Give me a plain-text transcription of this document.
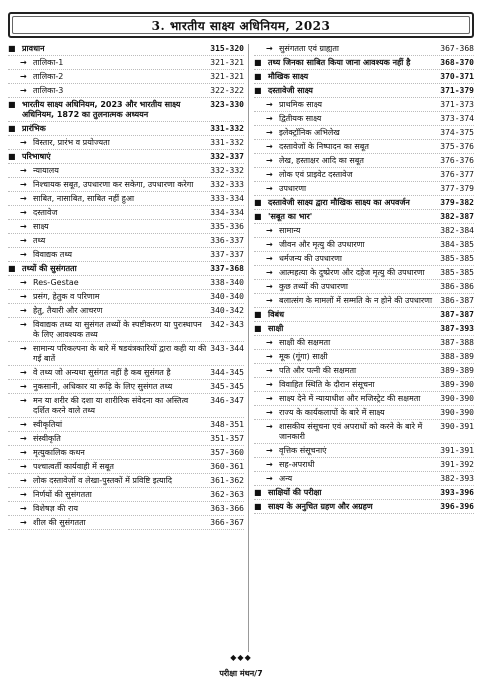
3. भारतीय साक्ष्य अधिनियम, 2023
■ प्रावधान	315-320
→ तालिका-1	321-321
→ तालिका-2	321-321
→ तालिका-3	322-322
■ भारतीय साक्ष्य अधिनियम, 2023 और भारतीय साक्ष्य अधिनियम, 1872 का तुलनात्मक अध्ययन
323-330
■ प्रारंभिक	331-332
→ विस्तार, प्रारंभ व प्रयोज्यता	331-332
■ परिभाषाएं	332-337
→ न्यायालय	332-332
→ निश्चायक सबूत, उपधारणा कर सकेगा, उपधारणा करेगा	332-333
→ साबित, नासाबित, साबित नहीं हुआ	333-334
→ दस्तावेज	334-334
→ साक्ष्य	335-336
→ तथ्य	336-337
→ विवाद्यक तथ्य	337-337
■ तथ्यों की सुसंगतता	337-368
→ Res-Gestae	338-340
→ प्रसंग, हेतुक व परिणाम	340-340
→ हेतु, तैयारी और आचरण	340-342
→ विवाद्यक तथ्य या सुसंगत तथ्यों के स्पष्टीकरण या पुरःस्थापन के लिए आवश्यक तथ्य
342-343
→ सामान्य परिकल्पना के बारे में षडयंत्रकारियों द्वारा कही या की गई बातें
343-344
→ वे तथ्य जो अन्यथा सुसंगत नहीं है कब सुसंगत है	344-345
→ नुकसानी, अधिकार या रूढ़ि के लिए सुसंगत तथ्य	345-345
→ मन या शरीर की दशा या शारीरिक संवेदना का अस्तित्व दर्शित करने वाले तथ्य
346-347
→ स्वीकृतियां	348-351
→ संस्वीकृति	351-357
→ मृत्युकालिक कथन	357-360
→ पश्चात्वर्ती कार्यवाही में सबूत	360-361
→ लोक दस्तावेजों व लेखा-पुस्तकों में प्रविष्टि इत्यादि	361-362
→ निर्णयों की सुसंगतता	362-363
→ विशेषज्ञ की राय	363-366
→ शील की सुसंगतता	366-367
→ सुसंगतता एवं ग्राह्यता	367-368
■ तथ्य जिनका साबित किया जाना आवश्यक नहीं है	368-370
■ मौखिक साक्ष्य	370-371
■ दस्तावेजी साक्ष्य	371-379
→ प्राथमिक साक्ष्य	371-373
→ द्वितीयक साक्ष्य	373-374
→ इलेक्ट्रॉनिक अभिलेख	374-375
→ दस्तावेजों के निष्पादन का सबूत	375-376
→ लेख, हस्ताक्षर आदि का सबूत	376-376
→ लोक एवं प्राइवेट दस्तावेज	376-377
→ उपधारणा	377-379
■ दस्तावेजी साक्ष्य द्वारा मौखिक साक्ष्य का अपवर्जन	379-382
■ 'सबूत का भार'	382-387
→ सामान्य	382-384
→ जीवन और मृत्यु की उपधारणा	384-385
→ धर्मजन्य की उपधारणा	385-385
→ आत्महत्या के दुष्प्रेरण और दहेज मृत्यु की उपधारणा	385-385
→ कुछ तथ्यों की उपधारणा	386-386
→ बलात्संग के मामलों में सम्मति के न होने की उपधारणा	386-387
■ विबंध	387-387
■ साक्षी	387-393
→ साक्षी की सक्षमता	387-388
→ मूक (गूंगा) साक्षी	388-389
→ पति और पत्नी की सक्षमता	389-389
→ विवाहित स्थिति के दौरान संसूचना	389-390
→ साक्ष्य देने में न्यायाधीश और मजिस्ट्रेट की सक्षमता	390-390
→ राज्य के कार्यकलापों के बारे में साक्ष्य	390-390
→ शासकीय संसूचना एवं अपराधों को करने के बारे में जानकारी
390-391
→ वृत्तिक संसूचनाएं	391-391
→ सह-अपराधी	391-392
→ अन्य	382-393
■ साक्षियों की परीक्षा	393-396
■ साक्ष्य के अनुचित ग्रहण और अग्रहण	396-396
◆◆◆
परीक्षा मंथन/7
